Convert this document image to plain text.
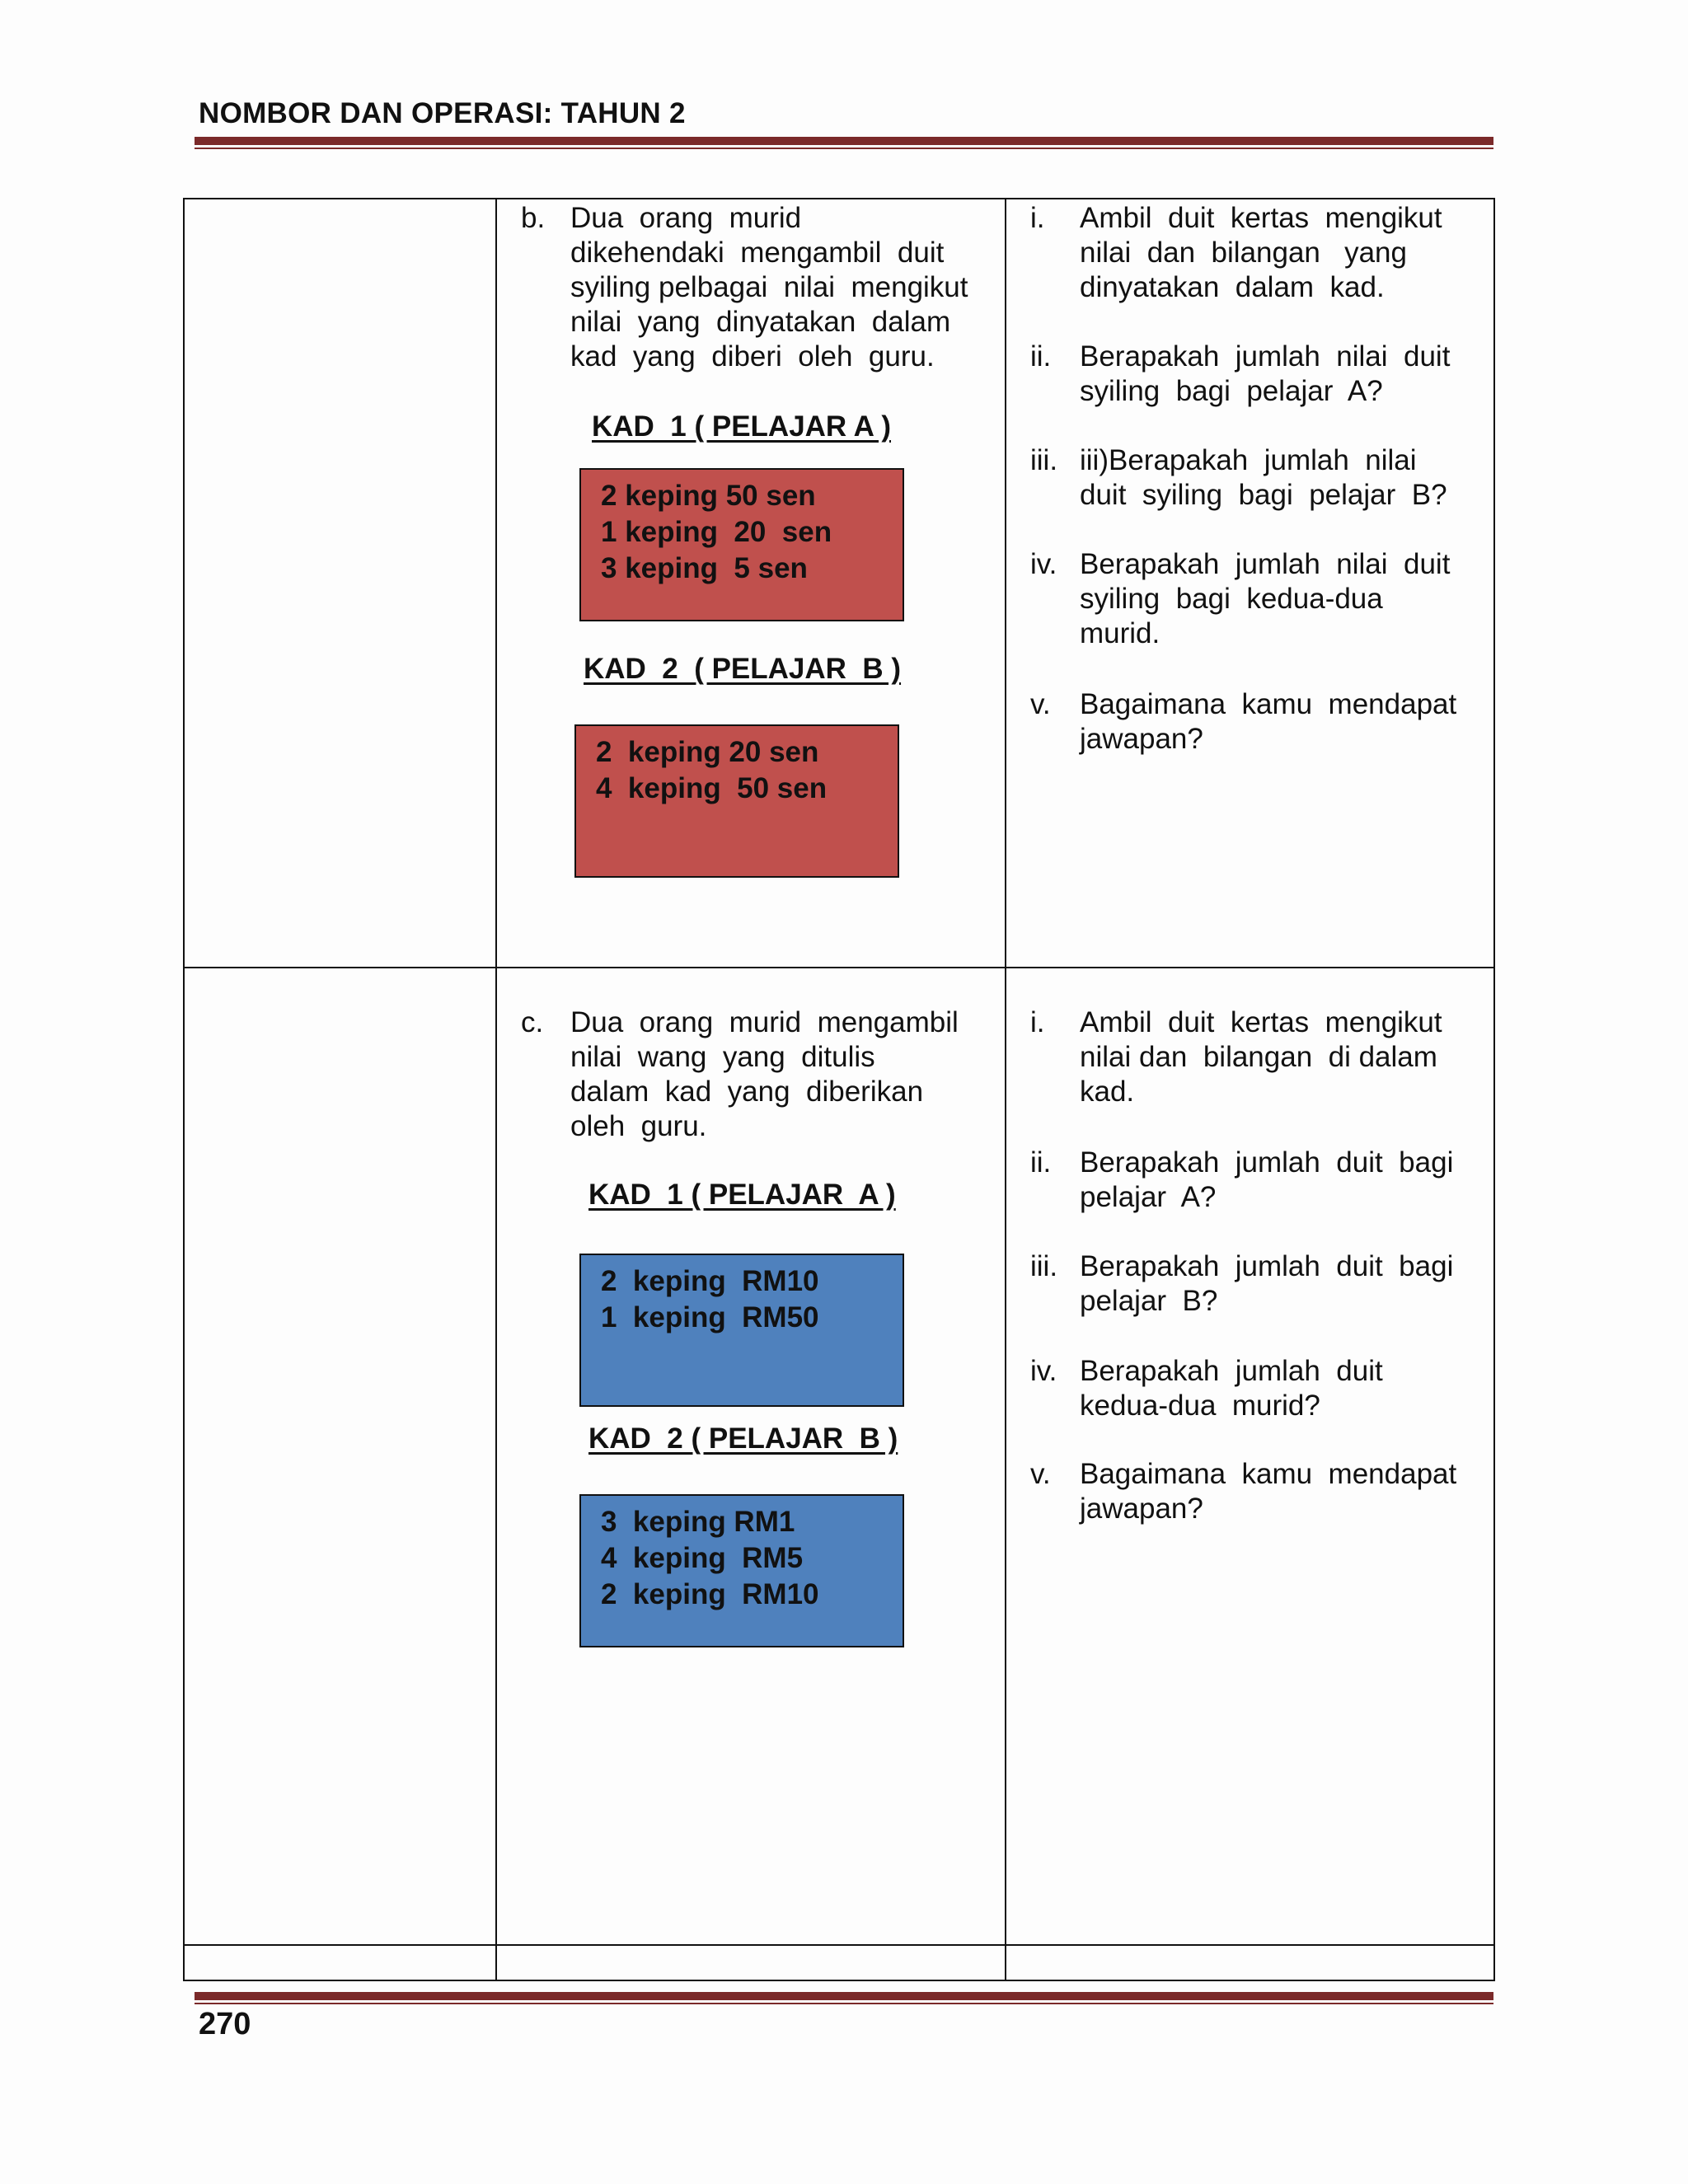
NOMBOR DAN OPERASI: TAHUN 2
b. Dua  orang  murid
dikehendaki  mengambil  duit
syiling pelbagai  nilai  mengikut
nilai  yang  dinyatakan  dalam
kad  yang  diberi  oleh  guru.
KAD  1 ( PELAJAR A )
2 keping 50 sen
1 keping  20  sen
3 keping  5 sen
KAD  2  ( PELAJAR  B )
2  keping 20 sen
4  keping  50 sen
i. Ambil  duit  kertas  mengikut
nilai  dan  bilangan   yang
dinyatakan  dalam  kad.
ii. Berapakah  jumlah  nilai  duit
syiling  bagi  pelajar  A?
iii. iii)Berapakah  jumlah  nilai
duit  syiling  bagi  pelajar  B?
iv. Berapakah  jumlah  nilai  duit
syiling  bagi  kedua-dua
murid.
v. Bagaimana  kamu  mendapat
jawapan?
c. Dua  orang  murid  mengambil
nilai  wang  yang  ditulis
dalam  kad  yang  diberikan
oleh  guru.
KAD  1 ( PELAJAR  A )
2  keping  RM10
1  keping  RM50
KAD  2 ( PELAJAR  B )
3  keping RM1
4  keping  RM5
2  keping  RM10
i. Ambil  duit  kertas  mengikut
nilai dan  bilangan  di dalam
kad.
ii. Berapakah  jumlah  duit  bagi
pelajar  A?
iii. Berapakah  jumlah  duit  bagi
pelajar  B?
iv. Berapakah  jumlah  duit
kedua-dua  murid?
v. Bagaimana  kamu  mendapat
jawapan?
270
